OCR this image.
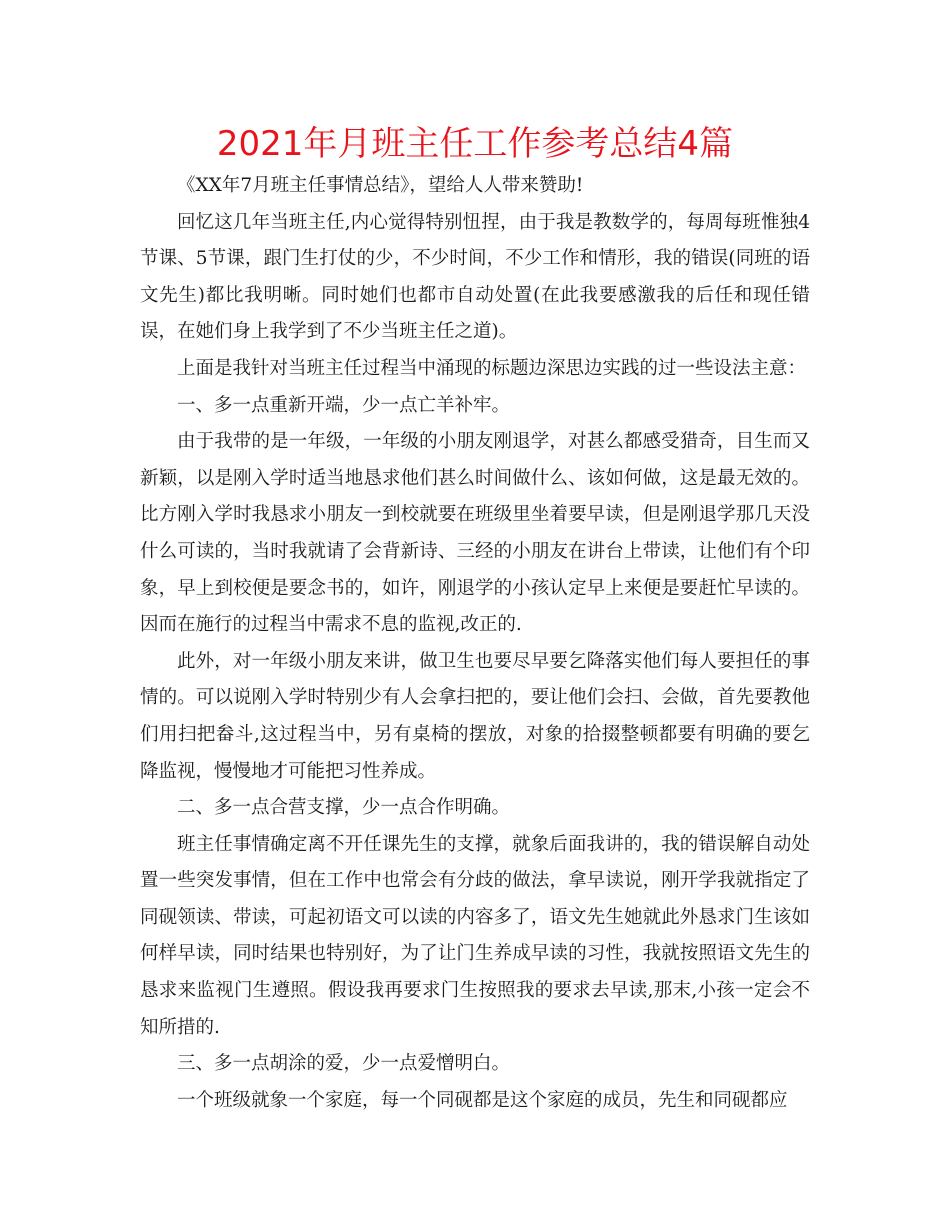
2021年月班主任工作参考总结4篇

《XX年7月班主任事情总结》，望给人人带来赞助!

回忆这几年当班主任,内心觉得特别忸捏，由于我是教数学的，每周每班惟独4节课、5节课，跟门生打仗的少，不少时间，不少工作和情形，我的错误(同班的语文先生)都比我明晰。同时她们也都市自动处置(在此我要感激我的后任和现任错误，在她们身上我学到了不少当班主任之道)。

上面是我针对当班主任过程当中涌现的标题边深思边实践的过一些设法主意：

一、多一点重新开端，少一点亡羊补牢。

由于我带的是一年级，一年级的小朋友刚退学，对甚么都感受猎奇，目生而又新颖，以是刚入学时适当地恳求他们甚么时间做什么、该如何做，这是最无效的。比方刚入学时我恳求小朋友一到校就要在班级里坐着要早读，但是刚退学那几天没什么可读的，当时我就请了会背新诗、三经的小朋友在讲台上带读，让他们有个印象，早上到校便是要念书的，如许，刚退学的小孩认定早上来便是要赶忙早读的。因而在施行的过程当中需求不息的监视,改正的.

此外，对一年级小朋友来讲，做卫生也要尽早要乞降落实他们每人要担任的事情的。可以说刚入学时特别少有人会拿扫把的，要让他们会扫、会做，首先要教他们用扫把畚斗,这过程当中，另有桌椅的摆放，对象的拾掇整顿都要有明确的要乞降监视，慢慢地才可能把习性养成。

二、多一点合营支撑，少一点合作明确。

班主任事情确定离不开任课先生的支撑，就象后面我讲的，我的错误解自动处置一些突发事情，但在工作中也常会有分歧的做法，拿早读说，刚开学我就指定了同砚领读、带读，可起初语文可以读的内容多了，语文先生她就此外恳求门生该如何样早读，同时结果也特别好，为了让门生养成早读的习性，我就按照语文先生的恳求来监视门生遵照。假设我再要求门生按照我的要求去早读,那末,小孩一定会不知所措的.

三、多一点胡涂的爱，少一点爱憎明白。

一个班级就象一个家庭，每一个同砚都是这个家庭的成员，先生和同砚都应
